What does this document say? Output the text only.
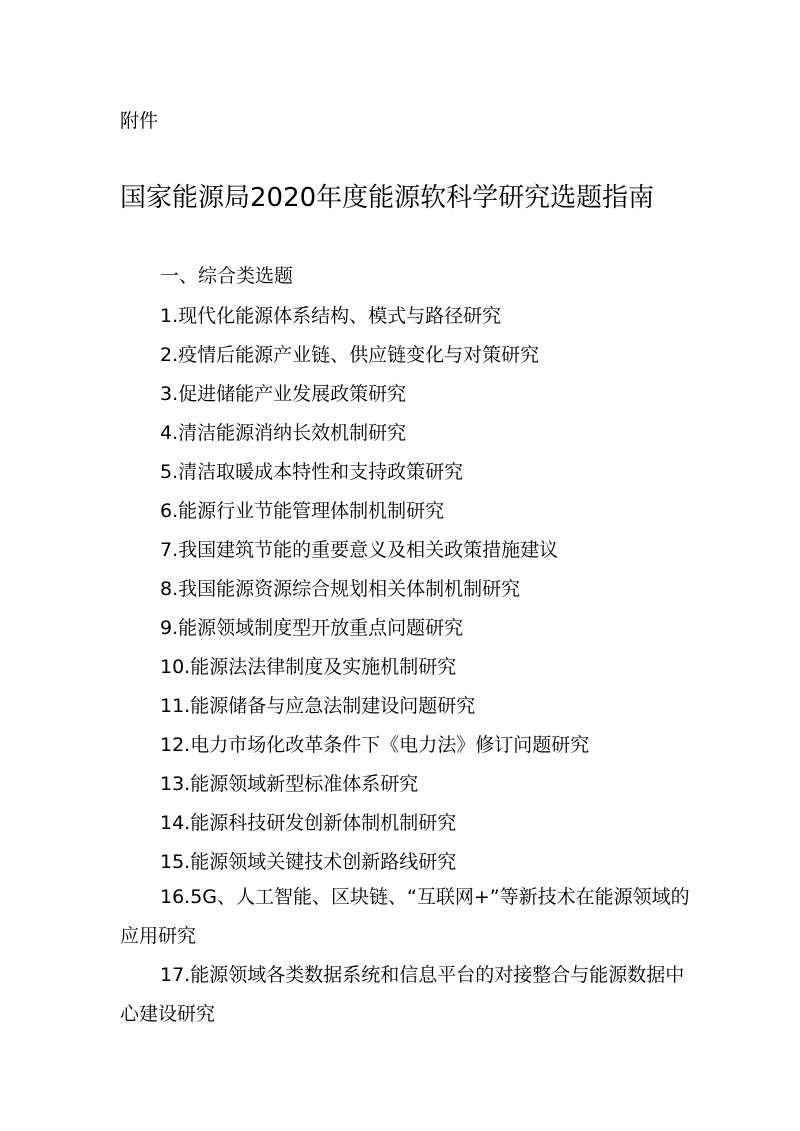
附件
国家能源局2020年度能源软科学研究选题指南
一、综合类选题
1.现代化能源体系结构、模式与路径研究
2.疫情后能源产业链、供应链变化与对策研究
3.促进储能产业发展政策研究
4.清洁能源消纳长效机制研究
5.清洁取暖成本特性和支持政策研究
6.能源行业节能管理体制机制研究
7.我国建筑节能的重要意义及相关政策措施建议
8.我国能源资源综合规划相关体制机制研究
9.能源领域制度型开放重点问题研究
10.能源法法律制度及实施机制研究
11.能源储备与应急法制建设问题研究
12.电力市场化改革条件下《电力法》修订问题研究
13.能源领域新型标准体系研究
14.能源科技研发创新体制机制研究
15.能源领域关键技术创新路线研究
16.5G、人工智能、区块链、“互联网+”等新技术在能源领域的应用研究
17.能源领域各类数据系统和信息平台的对接整合与能源数据中心建设研究
